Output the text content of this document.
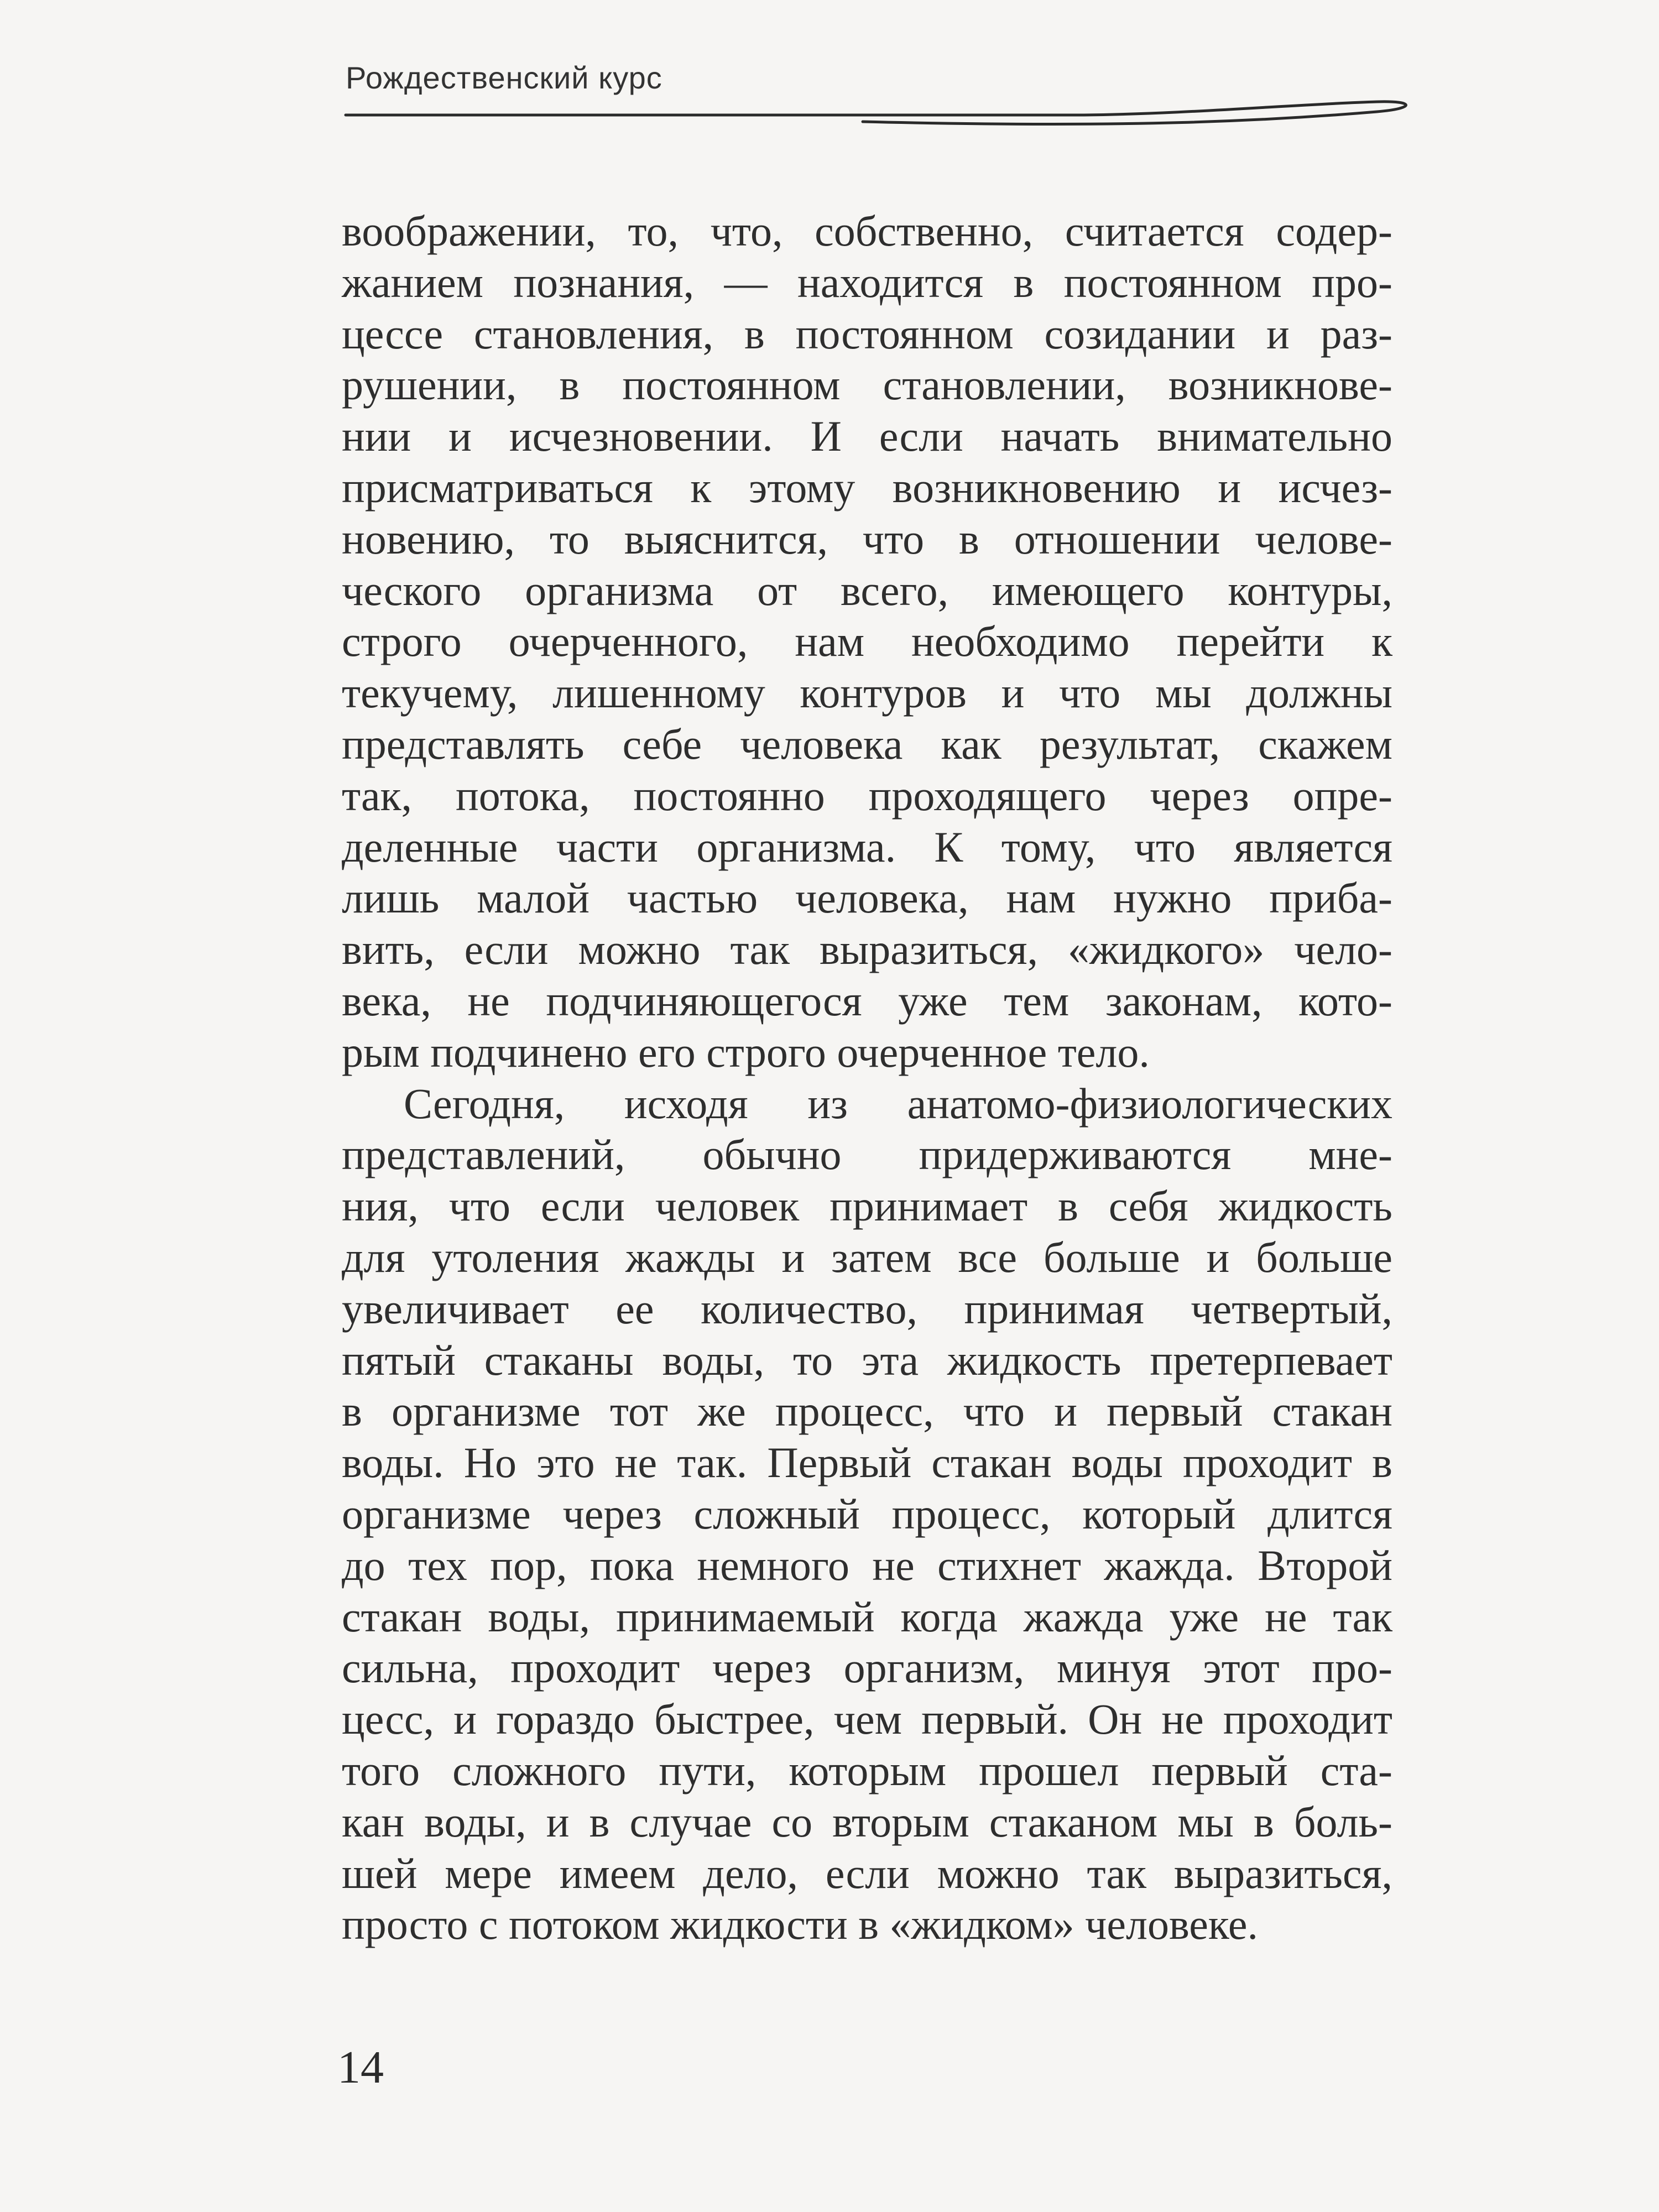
Рождественский курс
воображении, то, что, собственно, считается содер-
жанием познания, — находится в постоянном про-
цессе становления, в постоянном созидании и раз-
рушении, в постоянном становлении, возникнове-
нии и исчезновении. И если начать внимательно
присматриваться к этому возникновению и исчез-
новению, то выяснится, что в отношении челове-
ческого организма от всего, имеющего контуры,
строго очерченного, нам необходимо перейти к
текучему, лишенному контуров и что мы должны
представлять себе человека как результат, скажем
так, потока, постоянно проходящего через опре-
деленные части организма. К тому, что является
лишь малой частью человека, нам нужно приба-
вить, если можно так выразиться, «жидкого» чело-
века, не подчиняющегося уже тем законам, кото-
рым подчинено его строго очерченное тело.
Сегодня, исходя из анатомо-физиологических
представлений, обычно придерживаются мне-
ния, что если человек принимает в себя жидкость
для утоления жажды и затем все больше и больше
увеличивает ее количество, принимая четвертый,
пятый стаканы воды, то эта жидкость претерпевает
в организме тот же процесс, что и первый стакан
воды. Но это не так. Первый стакан воды проходит в
организме через сложный процесс, который длится
до тех пор, пока немного не стихнет жажда. Второй
стакан воды, принимаемый когда жажда уже не так
сильна, проходит через организм, минуя этот про-
цесс, и гораздо быстрее, чем первый. Он не проходит
того сложного пути, которым прошел первый ста-
кан воды, и в случае со вторым стаканом мы в боль-
шей мере имеем дело, если можно так выразиться,
просто с потоком жидкости в «жидком» человеке.
14
